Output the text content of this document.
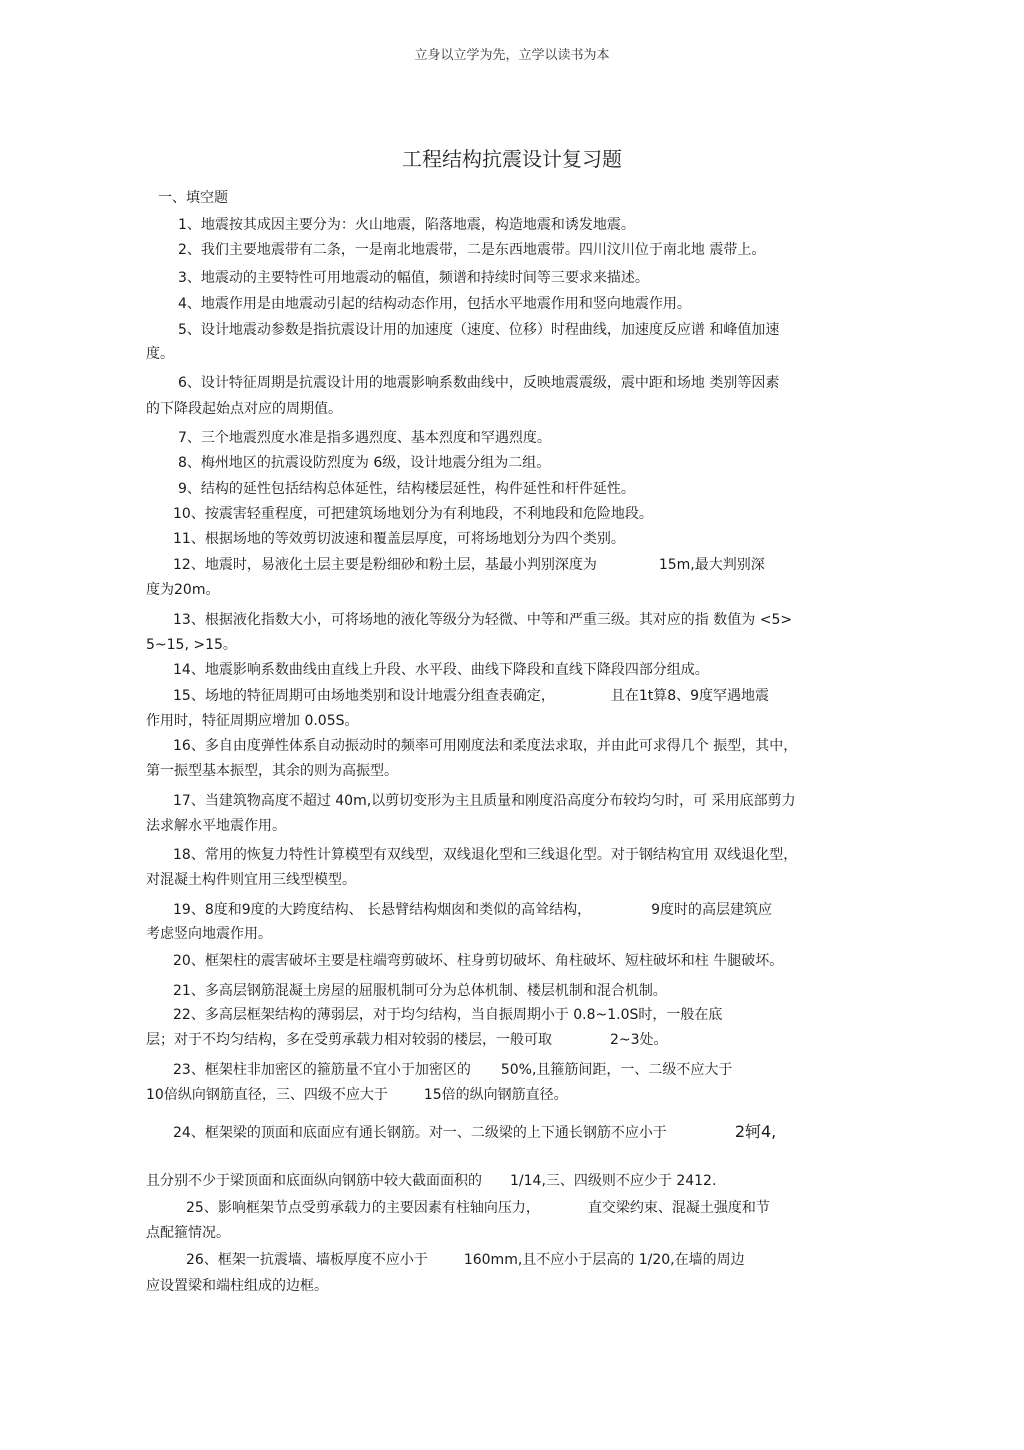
立身以立学为先，立学以读书为本
工程结构抗震设计复习题
一、填空题
1、地震按其成因主要分为：火山地震，陷落地震，构造地震和诱发地震。
2、我们主要地震带有二条，一是南北地震带，二是东西地震带。四川汶川位于南北地 震带上。
3、地震动的主要特性可用地震动的幅值，频谱和持续时间等三要求来描述。
4、地震作用是由地震动引起的结构动态作用，包括水平地震作用和竖向地震作用。
5、设计地震动参数是指抗震设计用的加速度（速度、位移）时程曲线，加速度反应谱 和峰值加速
度。
6、设计特征周期是抗震设计用的地震影响系数曲线中，反映地震震级，震中距和场地 类别等因素
的下降段起始点对应的周期值。
7、三个地震烈度水准是指多遇烈度、基本烈度和罕遇烈度。
8、梅州地区的抗震设防烈度为 6级，设计地震分组为二组。
9、结构的延性包括结构总体延性，结构楼层延性，构件延性和杆件延性。
10、按震害轻重程度，可把建筑场地划分为有利地段，不利地段和危险地段。
11、根据场地的等效剪切波速和覆盖层厚度，可将场地划分为四个类别。
12、地震时，易液化土层主要是粉细砂和粉土层，基最小判别深度为	15m,最大判别深
度为20m。
13、根据液化指数大小，可将场地的液化等级分为轻微、中等和严重三级。其对应的指 数值为 <5>
5~15, >15。
14、地震影响系数曲线由直线上升段、水平段、曲线下降段和直线下降段四部分组成。
15、场地的特征周期可由场地类别和设计地震分组查表确定，	且在1t算8、9度罕遇地震
作用时，特征周期应增加 0.05S。
16、多自由度弹性体系自动振动时的频率可用刚度法和柔度法求取，并由此可求得几个 振型，其中，
第一振型基本振型，其余的则为高振型。
17、当建筑物高度不超过 40m,以剪切变形为主且质量和刚度沿高度分布较均匀时，可 采用底部剪力
法求解水平地震作用。
18、常用的恢复力特性计算模型有双线型，双线退化型和三线退化型。对于钢结构宜用 双线退化型，
对混凝土构件则宜用三线型模型。
19、8度和9度的大跨度结构、 长悬臂结构烟囱和类似的高耸结构，	9度时的高层建筑应
考虑竖向地震作用。
20、框架柱的震害破坏主要是柱端弯剪破坏、柱身剪切破坏、角柱破坏、短柱破坏和柱 牛腿破坏。
21、多高层钢筋混凝土房屋的屈服机制可分为总体机制、楼层机制和混合机制。
22、多高层框架结构的薄弱层，对于均匀结构，当自振周期小于 0.8~1.0S时，一般在底
层；对于不均匀结构，多在受剪承载力相对较弱的楼层，一般可取	2~3处。
23、框架柱非加密区的箍筋量不宜小于加密区的 50%,且箍筋间距，一、二级不应大于
10倍纵向钢筋直径，三、四级不应大于	15倍的纵向钢筋直径。
24、框架梁的顶面和底面应有通长钢筋。对一、二级梁的上下通长钢筋不应小于	2轲4,
且分别不少于梁顶面和底面纵向钢筋中较大截面面积的 1/14,三、四级则不应少于 2412.
25、影响框架节点受剪承载力的主要因素有柱轴向压力，	直交梁约束、混凝土强度和节
点配箍情况。
26、框架一抗震墙、墙板厚度不应小于	160mm,且不应小于层高的 1/20,在墙的周边
应设置梁和端柱组成的边框。
